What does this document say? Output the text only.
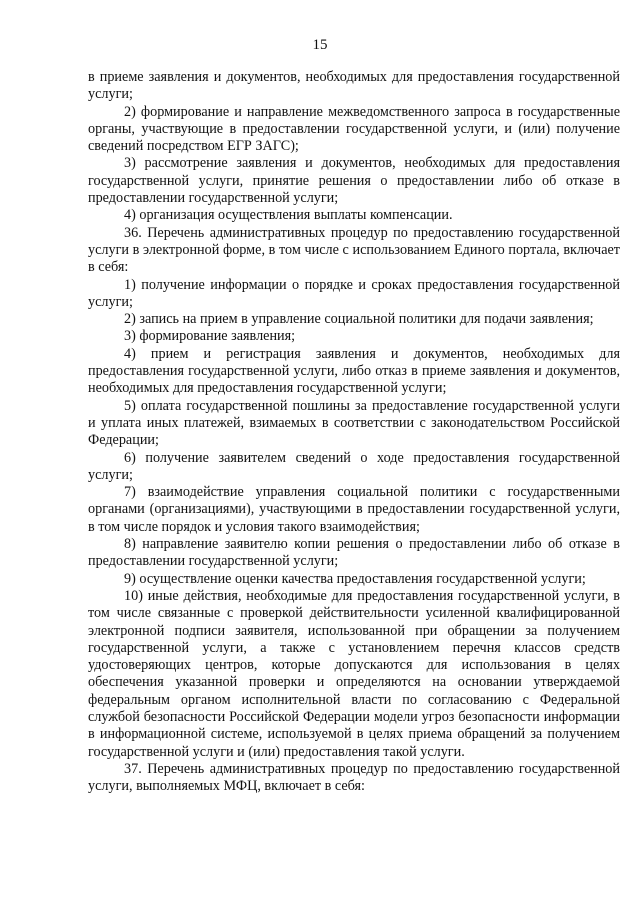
15

в приеме заявления и документов, необходимых для предоставления государственной услуги;

2) формирование и направление межведомственного запроса в государственные органы, участвующие в предоставлении государственной услуги, и (или) получение сведений посредством ЕГР ЗАГС);

3) рассмотрение заявления и документов, необходимых для предоставления государственной услуги, принятие решения о предоставлении либо об отказе в предоставлении государственной услуги;

4) организация осуществления выплаты компенсации.

36. Перечень административных процедур по предоставлению государственной услуги в электронной форме, в том числе с использованием Единого портала, включает в себя:

1) получение информации о порядке и сроках предоставления государственной услуги;

2) запись на прием в управление социальной политики для подачи заявления;

3) формирование заявления;

4) прием и регистрация заявления и документов, необходимых для предоставления государственной услуги, либо отказ в приеме заявления и документов, необходимых для предоставления государственной услуги;

5) оплата государственной пошлины за предоставление государственной услуги и уплата иных платежей, взимаемых в соответствии с законодательством Российской Федерации;

6) получение заявителем сведений о ходе предоставления государственной услуги;

7) взаимодействие управления социальной политики с государственными органами (организациями), участвующими в предоставлении государственной услуги, в том числе порядок и условия такого взаимодействия;

8) направление заявителю копии решения о предоставлении либо об отказе в предоставлении государственной услуги;

9) осуществление оценки качества предоставления государственной услуги;

10) иные действия, необходимые для предоставления государственной услуги, в том числе связанные с проверкой действительности усиленной квалифицированной электронной подписи заявителя, использованной при обращении за получением государственной услуги, а также с установлением перечня классов средств удостоверяющих центров, которые допускаются для использования в целях обеспечения указанной проверки и определяются на основании утверждаемой федеральным органом исполнительной власти по согласованию с Федеральной службой безопасности Российской Федерации модели угроз безопасности информации в информационной системе, используемой в целях приема обращений за получением государственной услуги и (или) предоставления такой услуги.

37. Перечень административных процедур по предоставлению государственной услуги, выполняемых МФЦ, включает в себя:
